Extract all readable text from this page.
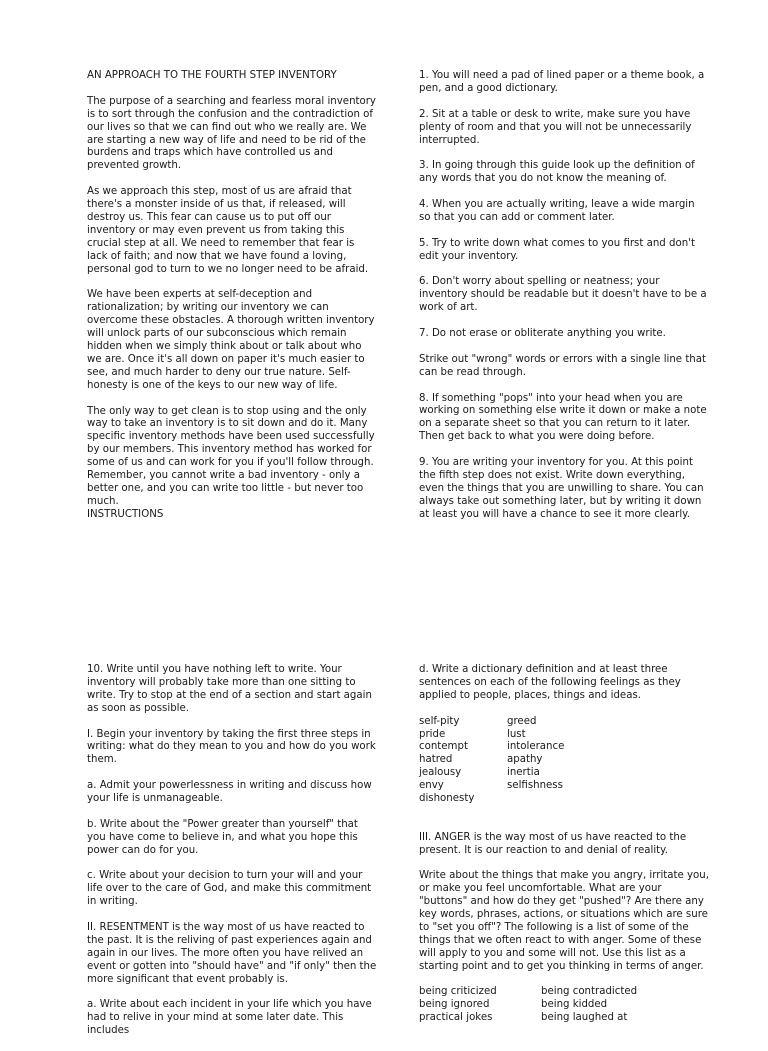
AN APPROACH TO THE FOURTH STEP INVENTORY

The purpose of a searching and fearless moral inventory is to sort through the confusion and the contradiction of our lives so that we can find out who we really are. We are starting a new way of life and need to be rid of the burdens and traps which have controlled us and prevented growth.

As we approach this step, most of us are afraid that there's a monster inside of us that, if released, will destroy us. This fear can cause us to put off our inventory or may even prevent us from taking this crucial step at all. We need to remember that fear is lack of faith; and now that we have found a loving, personal god to turn to we no longer need to be afraid.

We have been experts at self-deception and rationalization; by writing our inventory we can overcome these obstacles. A thorough written inventory will unlock parts of our subconscious which remain hidden when we simply think about or talk about who we are. Once it's all down on paper it's much easier to see, and much harder to deny our true nature. Self-honesty is one of the keys to our new way of life.

The only way to get clean is to stop using and the only way to take an inventory is to sit down and do it. Many specific inventory methods have been used successfully by our members. This inventory method has worked for some of us and can work for you if you'll follow through. Remember, you cannot write a bad inventory - only a better one, and you can write too little - but never too much.

INSTRUCTIONS

1. You will need a pad of lined paper or a theme book, a pen, and a good dictionary.

2. Sit at a table or desk to write, make sure you have plenty of room and that you will not be unnecessarily interrupted.

3. In going through this guide look up the definition of any words that you do not know the meaning of.

4. When you are actually writing, leave a wide margin so that you can add or comment later.

5. Try to write down what comes to you first and don't edit your inventory.

6. Don't worry about spelling or neatness; your inventory should be readable but it doesn't have to be a work of art.

7. Do not erase or obliterate anything you write.

Strike out "wrong" words or errors with a single line that can be read through.

8. If something "pops" into your head when you are working on something else write it down or make a note on a separate sheet so that you can return to it later. Then get back to what you were doing before.

9. You are writing your inventory for you. At this point the fifth step does not exist. Write down everything, even the things that you are unwilling to share. You can always take out something later, but by writing it down at least you will have a chance to see it more clearly.

10. Write until you have nothing left to write. Your inventory will probably take more than one sitting to write. Try to stop at the end of a section and start again as soon as possible.

I. Begin your inventory by taking the first three steps in writing: what do they mean to you and how do you work them.

a. Admit your powerlessness in writing and discuss how your life is unmanageable.

b. Write about the "Power greater than yourself" that you have come to believe in, and what you hope this power can do for you.

c. Write about your decision to turn your will and your life over to the care of God, and make this commitment in writing.

II. RESENTMENT is the way most of us have reacted to the past. It is the reliving of past experiences again and again in our lives. The more often you have relived an event or gotten into "should have" and "if only" then the more significant that event probably is.

a. Write about each incident in your life which you have had to relive in your mind at some later date. This includes

d. Write a dictionary definition and at least three sentences on each of the following feelings as they applied to people, places, things and ideas.

self-pity
pride
contempt
hatred
jealousy
envy
dishonesty
greed
lust
intolerance
apathy
inertia
selfishness

III. ANGER is the way most of us have reacted to the present. It is our reaction to and denial of reality.

Write about the things that make you angry, irritate you, or make you feel uncomfortable. What are your "buttons" and how do they get "pushed"? Are there any key words, phrases, actions, or situations which are sure to "set you off"? The following is a list of some of the things that we often react to with anger. Some of these will apply to you and some will not. Use this list as a starting point and to get you thinking in terms of anger.

being criticized
being ignored
practical jokes
being contradicted
being kidded
being laughed at
